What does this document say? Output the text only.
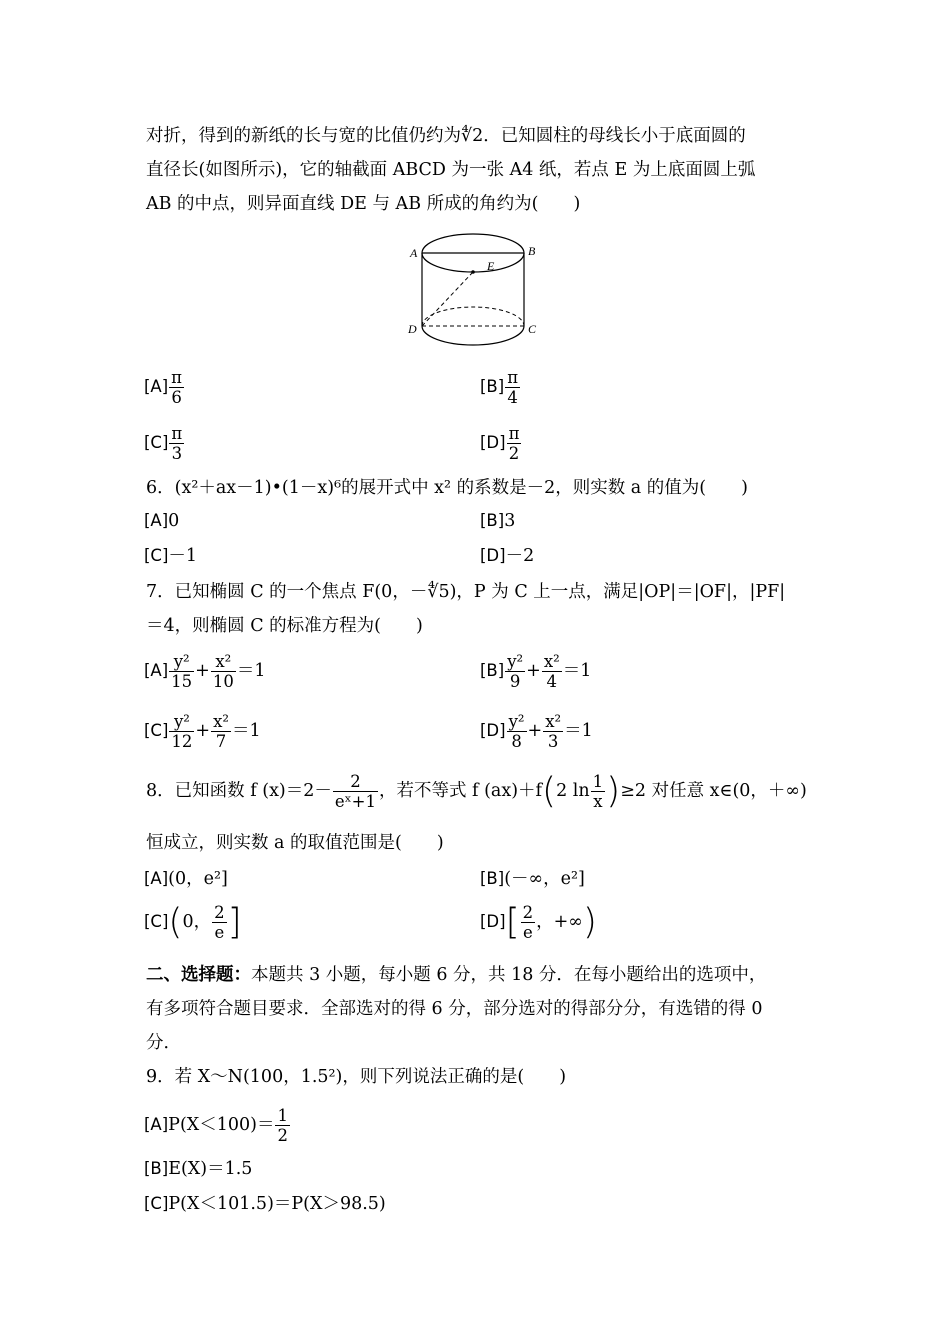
对折，得到的新纸的长与宽的比值仍约为∜2．已知圆柱的母线长小于底面圆的
直径长(如图所示)，它的轴截面 ABCD 为一张 A4 纸，若点 E 为上底面圆上弧
AB 的中点，则异面直线 DE 与 AB 所成的角约为(　　)
A	B
C
D
E
$[A] \frac{\pi}{6}$	$[B] \frac{\pi}{4}$
$[C] \frac{\pi}{3}$	$[D] \frac{\pi}{2}$
6．(x²＋ax－1)•(1－x)⁶的展开式中 x² 的系数是－2，则实数 a 的值为(　　)
[A]0	[B]3
[C]－1	[D]－2
7．已知椭圆 C 的一个焦点 F(0，－∜5)，P 为 C 上一点，满足|OP|＝|OF|，|PF|
＝4，则椭圆 C 的标准方程为(　　)
$[A] \frac{\text{y²}}{15} + \frac{\text{x²}}{10} =1$	$[B] \frac{\text{y²}}{9} + \frac{\text{x²}}{4} =1$
$[C] \frac{\text{y²}}{12} + \frac{\text{x²}}{7} =1$	$[D] \frac{\text{y²}}{8} + \frac{\text{x²}}{3} =1$
8．已知函数 f $(x)=2- \frac{2}{\text{eˣ+1}}$ ，若不等式 f (ax)＋f(2 $\ln \frac{1}{x} )\ge 2$ 对任意 x∈(0，＋∞)
恒成立，则实数 a 的取值范围是(　　)
[A](0，e²]	[B](－∞，e²]
[C](0， $\frac{2}{e}$ ]	$[D][ \frac{2}{e}$ ，+∞)
二、选择题：本题共 3 小题，每小题 6 分，共 18 分．在每小题给出的选项中，
有多项符合题目要求．全部选对的得 6 分，部分选对的得部分分，有选错的得 0
分．
9．若 X～N(100，1.5²)，则下列说法正确的是(　　)
$[A]P(X<100)= \frac{1}{2}$
[B]E(X)＝1.5
[C]P(X＜101.5)＝P(X＞98.5)
